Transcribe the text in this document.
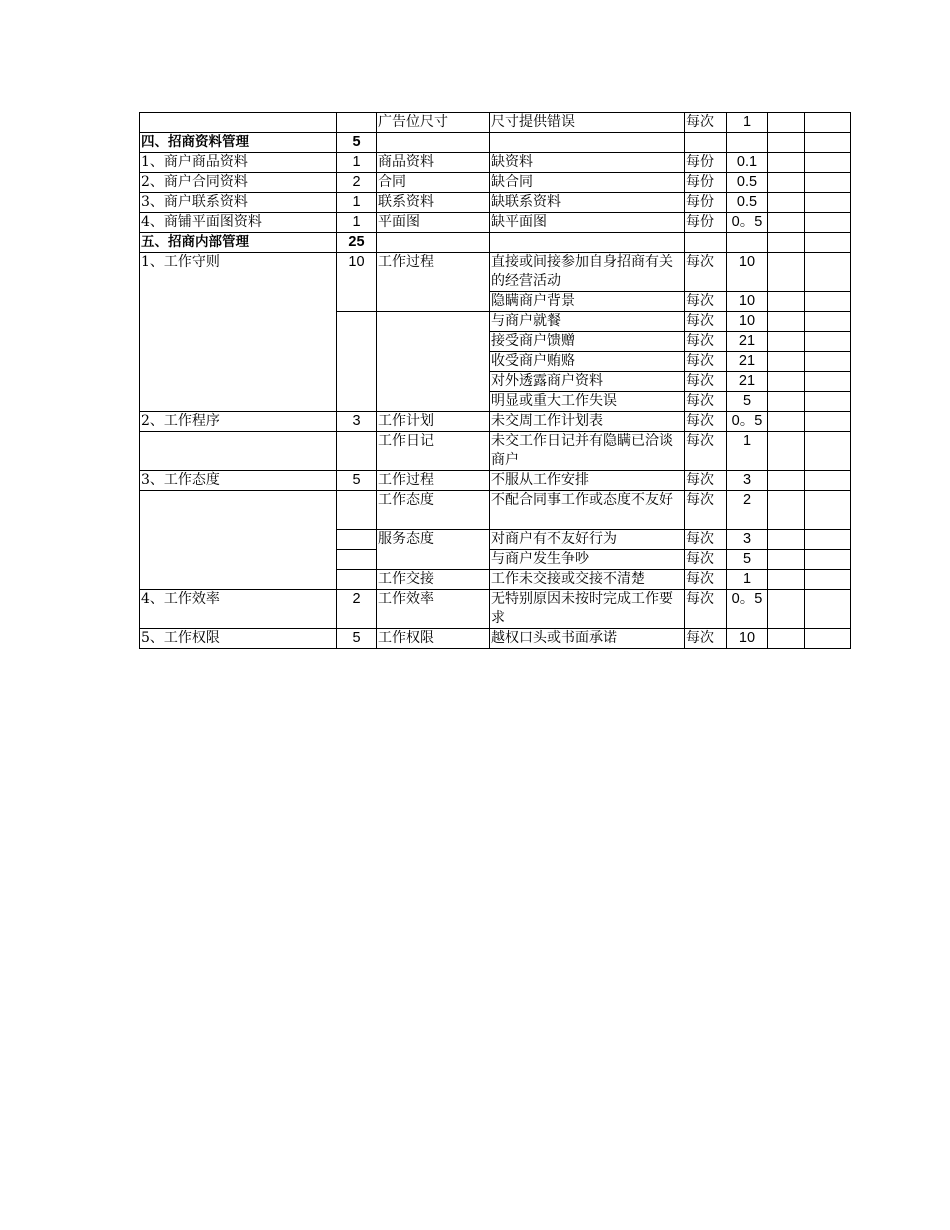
		广告位尺寸	尺寸提供错误	每次	1		
四、招商资料管理	5						
1、商户商品资料	1	商品资料	缺资料	每份	0.1		
2、商户合同资料	2	合同	缺合同	每份	0.5		
3、商户联系资料	1	联系资料	缺联系资料	每份	0.5		
4、商铺平面图资料	1	平面图	缺平面图	每份	0。5		
五、招商内部管理	25						
1、工作守则	10	工作过程	直接或间接参加自身招商有关的经营活动	每次	10		
			隐瞒商户背景	每次	10		
			与商户就餐	每次	10		
			接受商户馈赠	每次	21		
			收受商户贿赂	每次	21		
			对外透露商户资料	每次	21		
			明显或重大工作失误	每次	5		
2、工作程序	3	工作计划	未交周工作计划表	每次	0。5		
		工作日记	未交工作日记并有隐瞒已洽谈商户	每次	1		
3、工作态度	5	工作过程	不服从工作安排	每次	3		
		工作态度	不配合同事工作或态度不友好	每次	2		
		服务态度	对商户有不友好行为	每次	3		
			与商户发生争吵	每次	5		
		工作交接	工作未交接或交接不清楚	每次	1		
4、工作效率	2	工作效率	无特别原因未按时完成工作要求	每次	0。5		
5、工作权限	5	工作权限	越权口头或书面承诺	每次	10		
